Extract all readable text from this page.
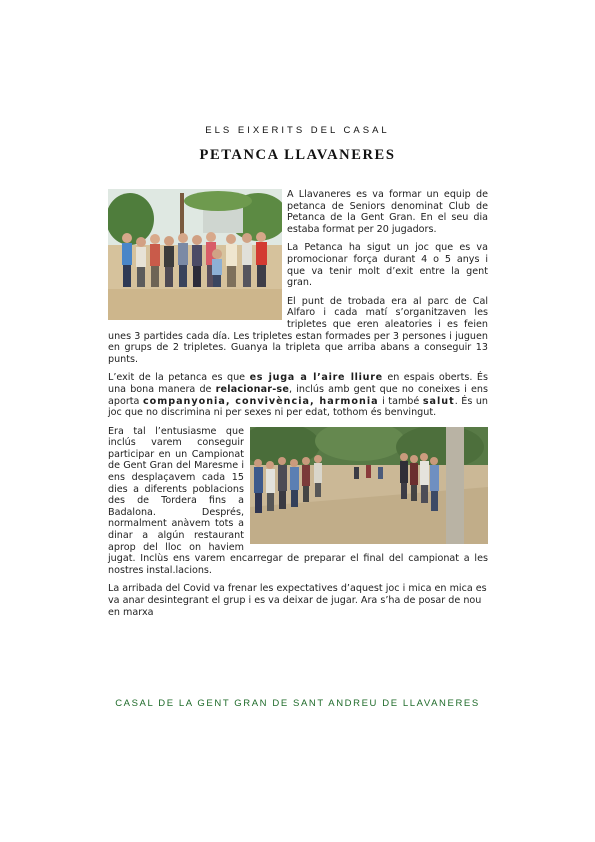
ELS EIXERITS DEL CASAL
PETANCA LLAVANERES

A Llavaneres es va formar un equip de petanca de Seniors denominat Club de Petanca de la Gent Gran. En el seu dia estaba format per 20 jugadors.

La Petanca ha sigut un joc que es va promocionar força durant 4 o 5 anys i que va tenir molt d’exit entre la gent gran.

El punt de trobada era al parc de Cal Alfaro i cada matí s’organitzaven les tripletes que eren aleatories i es feien unes 3 partides cada día. Les tripletes estan formades per 3 persones i juguen en grups de 2 tripletes. Guanya la tripleta que arriba abans a conseguir 13 punts.

L’exit de la petanca es que es juga a l’aire lliure en espais oberts. És una bona manera de relacionar-se, inclús amb gent que no coneixes i ens aporta companyonia, convivència, harmonia i també salut. És un joc que no discrimina ni per sexes ni per edat, tothom és benvingut.

Era tal l’entusiasme que inclús varem conseguir participar en un Campionat de Gent Gran del Maresme i ens desplaçavem cada 15 dies a diferents poblacions des de Tordera fins a Badalona. Després, normalment anàvem tots a dinar a algún restaurant aprop del lloc on haviem jugat. Inclùs ens varem encarregar de preparar el final del campionat a les nostres instal.lacions.

La arribada del Covid va frenar les expectatives d’aquest joc i mica en mica es va anar desintegrant el grup i es va deixar de jugar. Ara s’ha de posar de nou en marxa

CASAL DE LA GENT GRAN DE SANT ANDREU DE LLAVANERES
